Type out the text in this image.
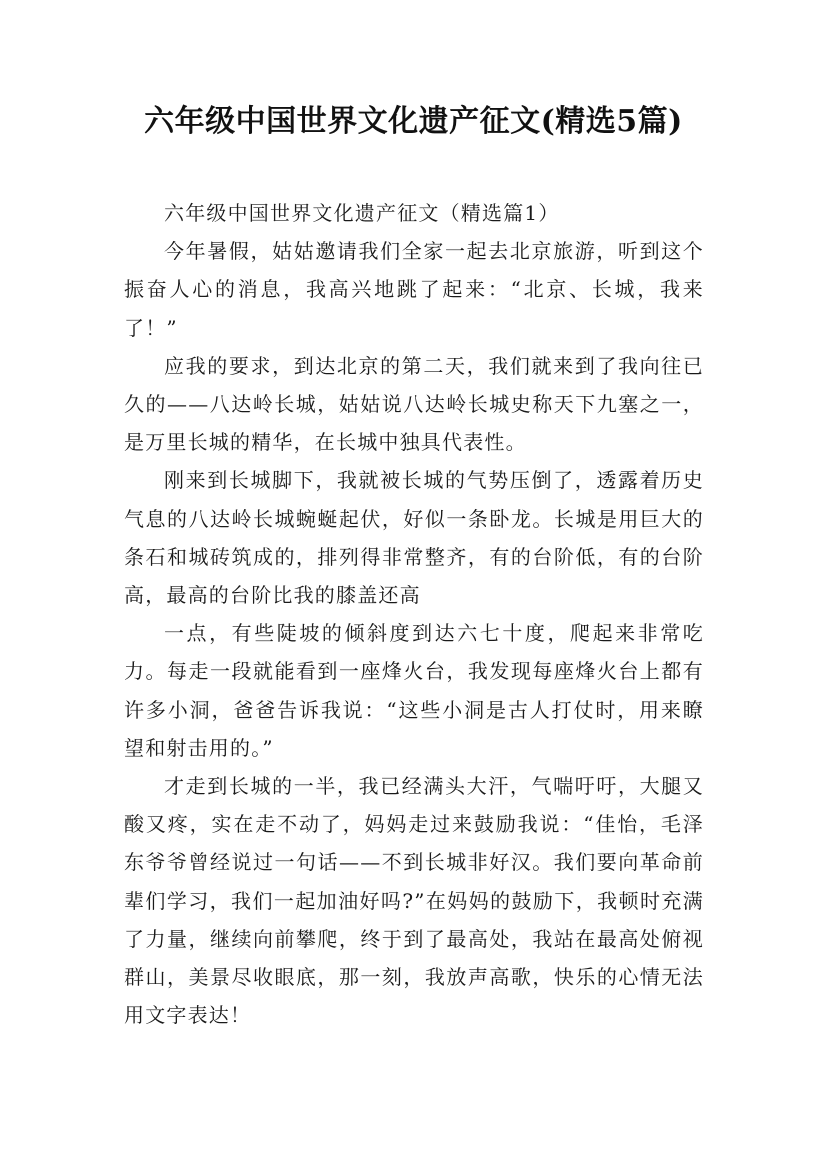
六年级中国世界文化遗产征文(精选5篇)

六年级中国世界文化遗产征文（精选篇1）

今年暑假，姑姑邀请我们全家一起去北京旅游，听到这个振奋人心的消息，我高兴地跳了起来：“北京、长城，我来了！”

应我的要求，到达北京的第二天，我们就来到了我向往已久的——八达岭长城，姑姑说八达岭长城史称天下九塞之一，是万里长城的精华，在长城中独具代表性。

刚来到长城脚下，我就被长城的气势压倒了，透露着历史气息的八达岭长城蜿蜒起伏，好似一条卧龙。长城是用巨大的条石和城砖筑成的，排列得非常整齐，有的台阶低，有的台阶高，最高的台阶比我的膝盖还高

一点，有些陡坡的倾斜度到达六七十度，爬起来非常吃力。每走一段就能看到一座烽火台，我发现每座烽火台上都有许多小洞，爸爸告诉我说：“这些小洞是古人打仗时，用来瞭望和射击用的。”

才走到长城的一半，我已经满头大汗，气喘吁吁，大腿又酸又疼，实在走不动了，妈妈走过来鼓励我说：“佳怡，毛泽东爷爷曾经说过一句话——不到长城非好汉。我们要向革命前辈们学习，我们一起加油好吗?”在妈妈的鼓励下，我顿时充满了力量，继续向前攀爬，终于到了最高处，我站在最高处俯视群山，美景尽收眼底，那一刻，我放声高歌，快乐的心情无法用文字表达！
